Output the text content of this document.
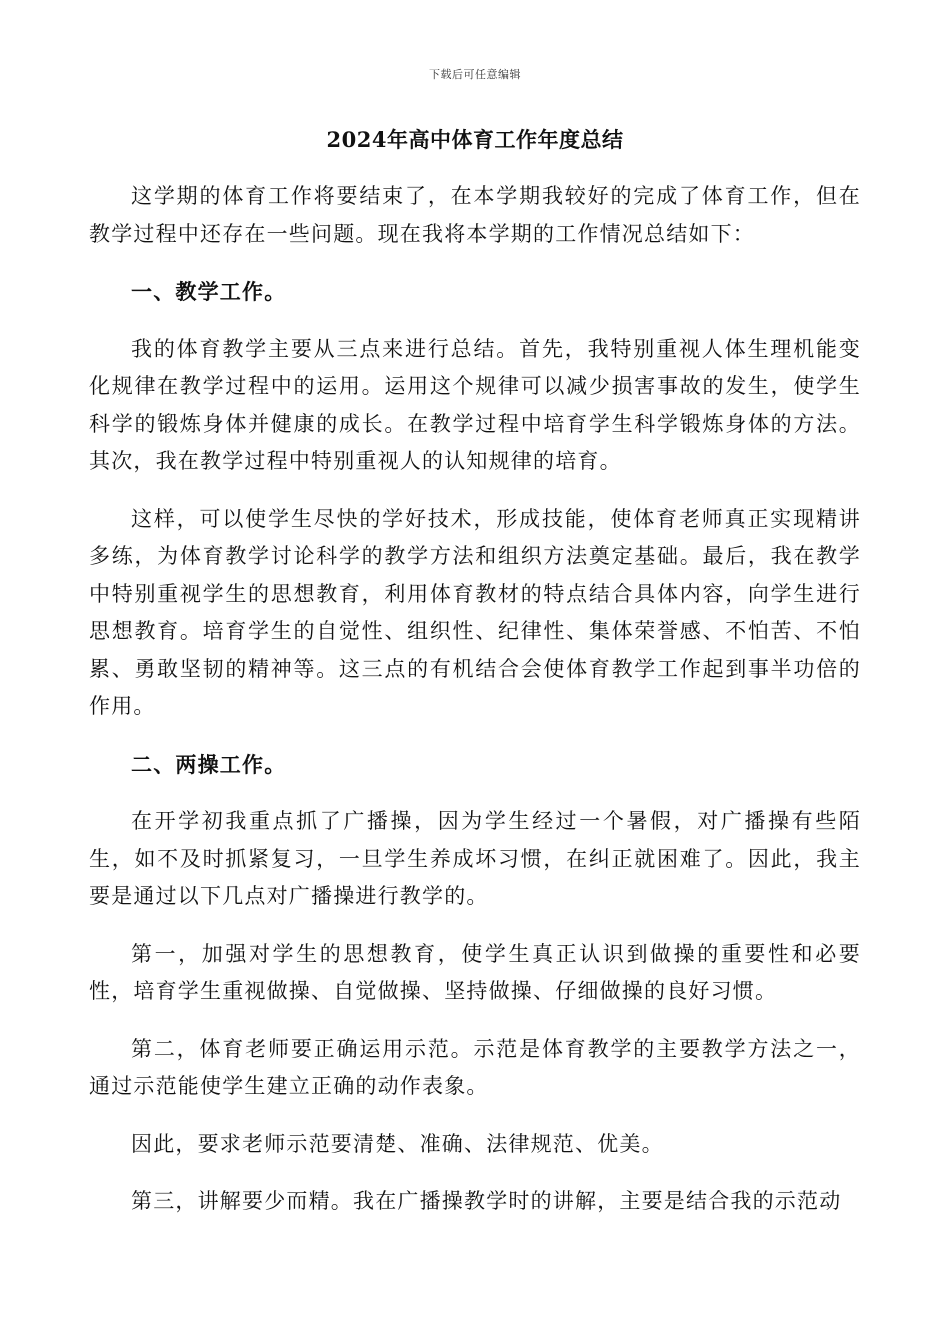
下载后可任意编辑
2024年高中体育工作年度总结

这学期的体育工作将要结束了，在本学期我较好的完成了体育工作，但在教学过程中还存在一些问题。现在我将本学期的工作情况总结如下：

一、教学工作。

我的体育教学主要从三点来进行总结。首先，我特别重视人体生理机能变化规律在教学过程中的运用。运用这个规律可以减少损害事故的发生，使学生科学的锻炼身体并健康的成长。在教学过程中培育学生科学锻炼身体的方法。其次，我在教学过程中特别重视人的认知规律的培育。

这样，可以使学生尽快的学好技术，形成技能，使体育老师真正实现精讲多练，为体育教学讨论科学的教学方法和组织方法奠定基础。最后，我在教学中特别重视学生的思想教育，利用体育教材的特点结合具体内容，向学生进行思想教育。培育学生的自觉性、组织性、纪律性、集体荣誉感、不怕苦、不怕累、勇敢坚韧的精神等。这三点的有机结合会使体育教学工作起到事半功倍的作用。

二、两操工作。

在开学初我重点抓了广播操，因为学生经过一个暑假，对广播操有些陌生，如不及时抓紧复习，一旦学生养成坏习惯，在纠正就困难了。因此，我主要是通过以下几点对广播操进行教学的。

第一，加强对学生的思想教育，使学生真正认识到做操的重要性和必要性，培育学生重视做操、自觉做操、坚持做操、仔细做操的良好习惯。

第二，体育老师要正确运用示范。示范是体育教学的主要教学方法之一，通过示范能使学生建立正确的动作表象。

因此，要求老师示范要清楚、准确、法律规范、优美。

第三，讲解要少而精。我在广播操教学时的讲解，主要是结合我的示范动
